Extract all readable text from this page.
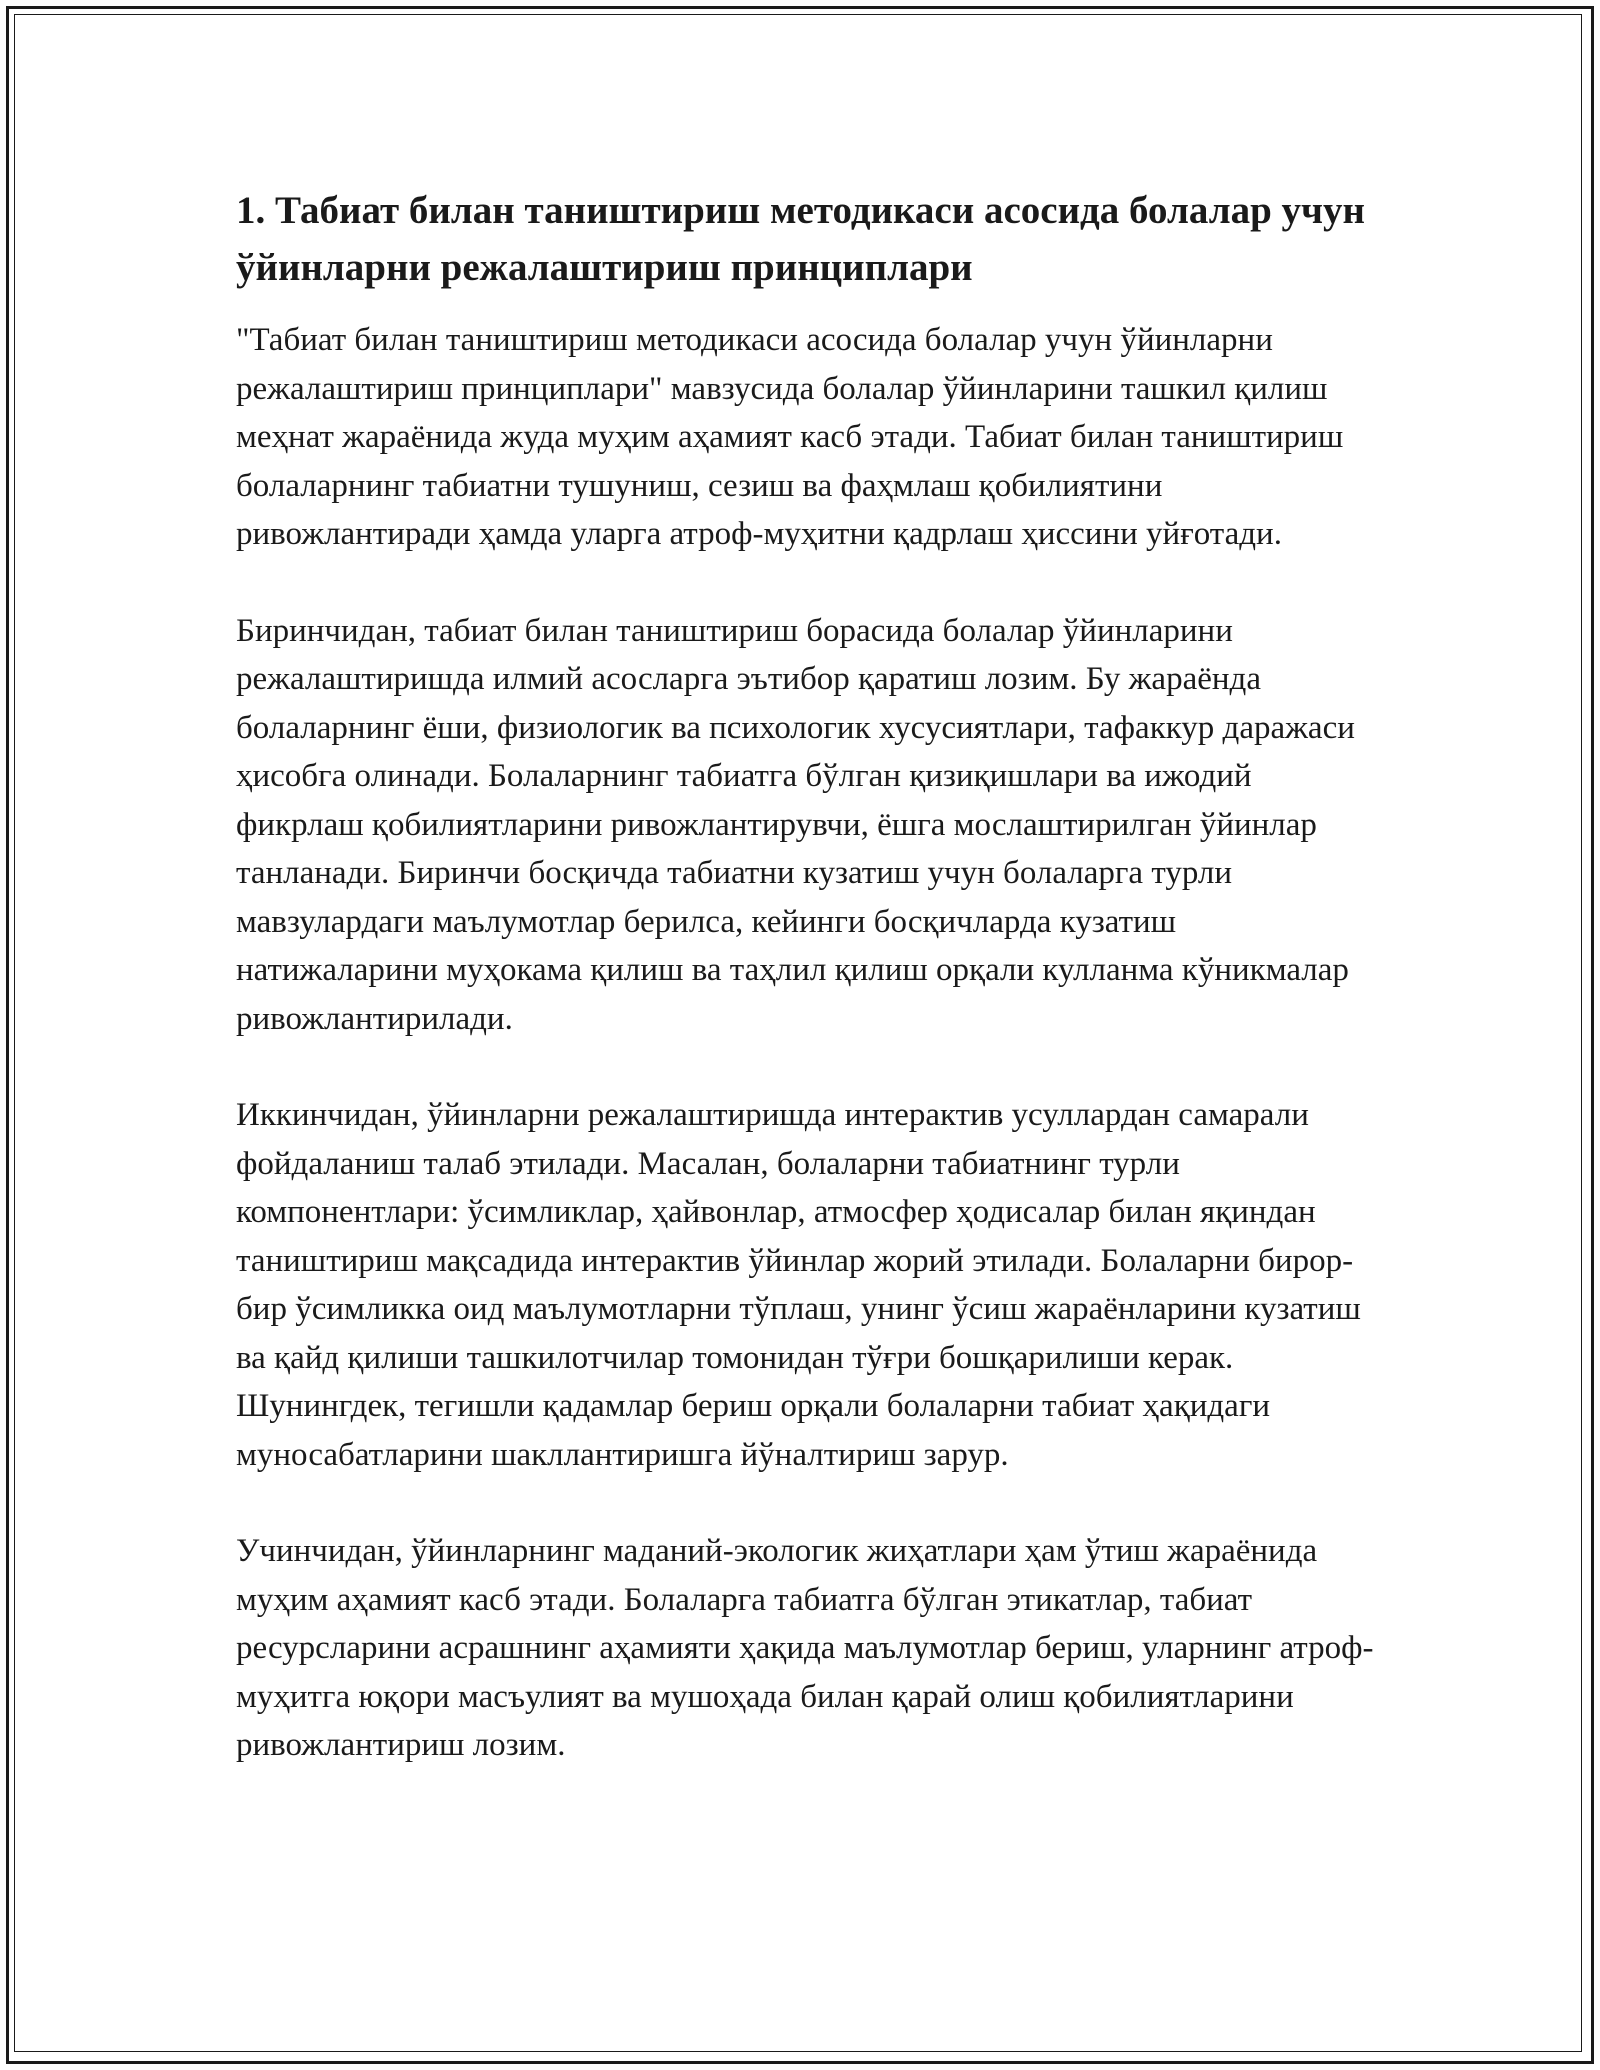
1. Табиат билан таништириш методикаси асосида болалар учун ўйинларни режалаштириш принциплари

"Табиат билан таништириш методикаси асосида болалар учун ўйинларни режалаштириш принциплари" мавзусида болалар ўйинларини ташкил қилиш меҳнат жараёнида жуда муҳим аҳамият касб этади. Табиат билан таништириш болаларнинг табиатни тушуниш, сезиш ва фаҳмлаш қобилиятини ривожлантиради ҳамда уларга атроф-муҳитни қадрлаш ҳиссини уйғотади.

Биринчидан, табиат билан таништириш борасида болалар ўйинларини режалаштиришда илмий асосларга эътибор қаратиш лозим. Бу жараёнда болаларнинг ёши, физиологик ва психологик хусусиятлари, тафаккур даражаси ҳисобга олинади. Болаларнинг табиатга бўлган қизиқишлари ва ижодий фикрлаш қобилиятларини ривожлантирувчи, ёшга мослаштирилган ўйинлар танланади. Биринчи босқичда табиатни кузатиш учун болаларга турли мавзулардаги маълумотлар берилса, кейинги босқичларда кузатиш натижаларини муҳокама қилиш ва таҳлил қилиш орқали кулланма кўникмалар ривожлантирилади.

Иккинчидан, ўйинларни режалаштиришда интерактив усуллардан самарали фойдаланиш талаб этилади. Масалан, болаларни табиатнинг турли компонентлари: ўсимликлар, ҳайвонлар, атмосфер ҳодисалар билан яқиндан таништириш мақсадида интерактив ўйинлар жорий этилади. Болаларни бирор-бир ўсимликка оид маълумотларни тўплаш, унинг ўсиш жараёнларини кузатиш ва қайд қилиши ташкилотчилар томонидан тўғри бошқарилиши керак. Шунингдек, тегишли қадамлар бериш орқали болаларни табиат ҳақидаги муносабатларини шакллантиришга йўналтириш зарур.

Учинчидан, ўйинларнинг маданий-экологик жиҳатлари ҳам ўтиш жараёнида муҳим аҳамият касб этади. Болаларга табиатга бўлган этикатлар, табиат ресурсларини асрашнинг аҳамияти ҳақида маълумотлар бериш, уларнинг атроф-муҳитга юқори масъулият ва мушоҳада билан қарай олиш қобилиятларини ривожлантириш лозим.
